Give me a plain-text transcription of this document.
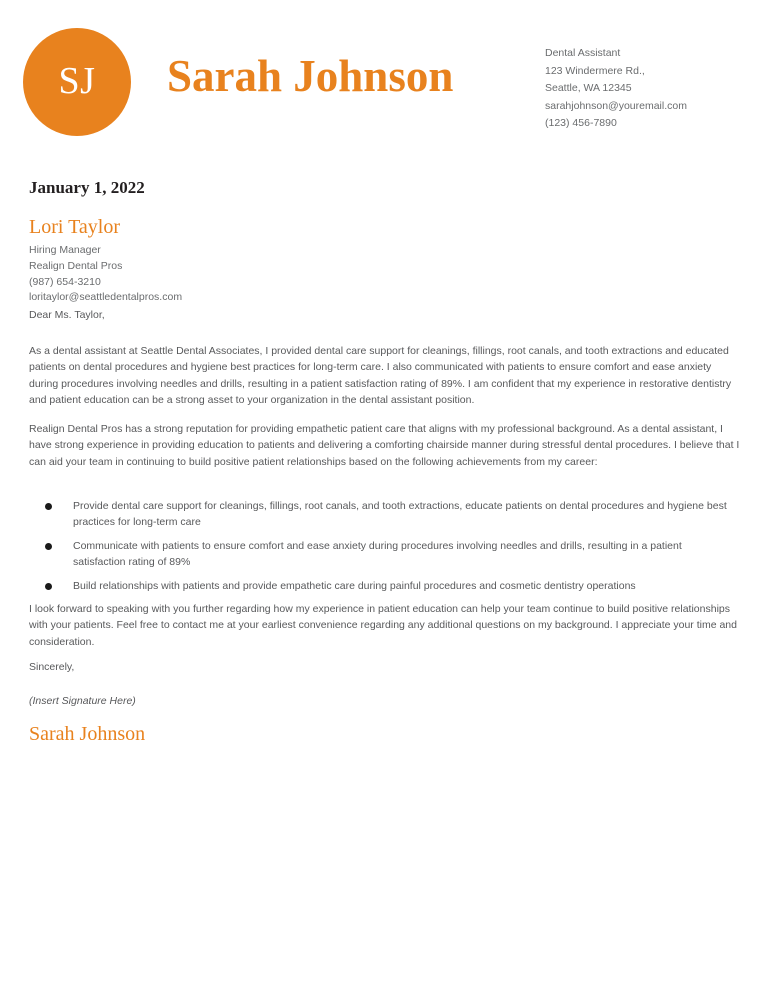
SJ Sarah Johnson	Dental Assistant
123 Windermere Rd.,
Seattle, WA 12345
sarahjohnson@youremail.com
(123) 456-7890
January 1, 2022
Lori Taylor
Hiring Manager
Realign Dental Pros
(987) 654-3210
loritaylor@seattledentalpros.com
Dear Ms. Taylor,
As a dental assistant at Seattle Dental Associates, I provided dental care support for cleanings, fillings, root canals, and tooth extractions and educated patients on dental procedures and hygiene best practices for long-term care. I also communicated with patients to ensure comfort and ease anxiety during procedures involving needles and drills, resulting in a patient satisfaction rating of 89%. I am confident that my experience in restorative dentistry and patient education can be a strong asset to your organization in the dental assistant position.
Realign Dental Pros has a strong reputation for providing empathetic patient care that aligns with my professional background. As a dental assistant, I have strong experience in providing education to patients and delivering a comforting chairside manner during stressful dental procedures. I believe that I can aid your team in continuing to build positive patient relationships based on the following achievements from my career:
Provide dental care support for cleanings, fillings, root canals, and tooth extractions, educate patients on dental procedures and hygiene best practices for long-term care
Communicate with patients to ensure comfort and ease anxiety during procedures involving needles and drills, resulting in a patient satisfaction rating of 89%
Build relationships with patients and provide empathetic care during painful procedures and cosmetic dentistry operations
I look forward to speaking with you further regarding how my experience in patient education can help your team continue to build positive relationships with your patients. Feel free to contact me at your earliest convenience regarding any additional questions on my background. I appreciate your time and consideration.
Sincerely,
(Insert Signature Here)
Sarah Johnson
